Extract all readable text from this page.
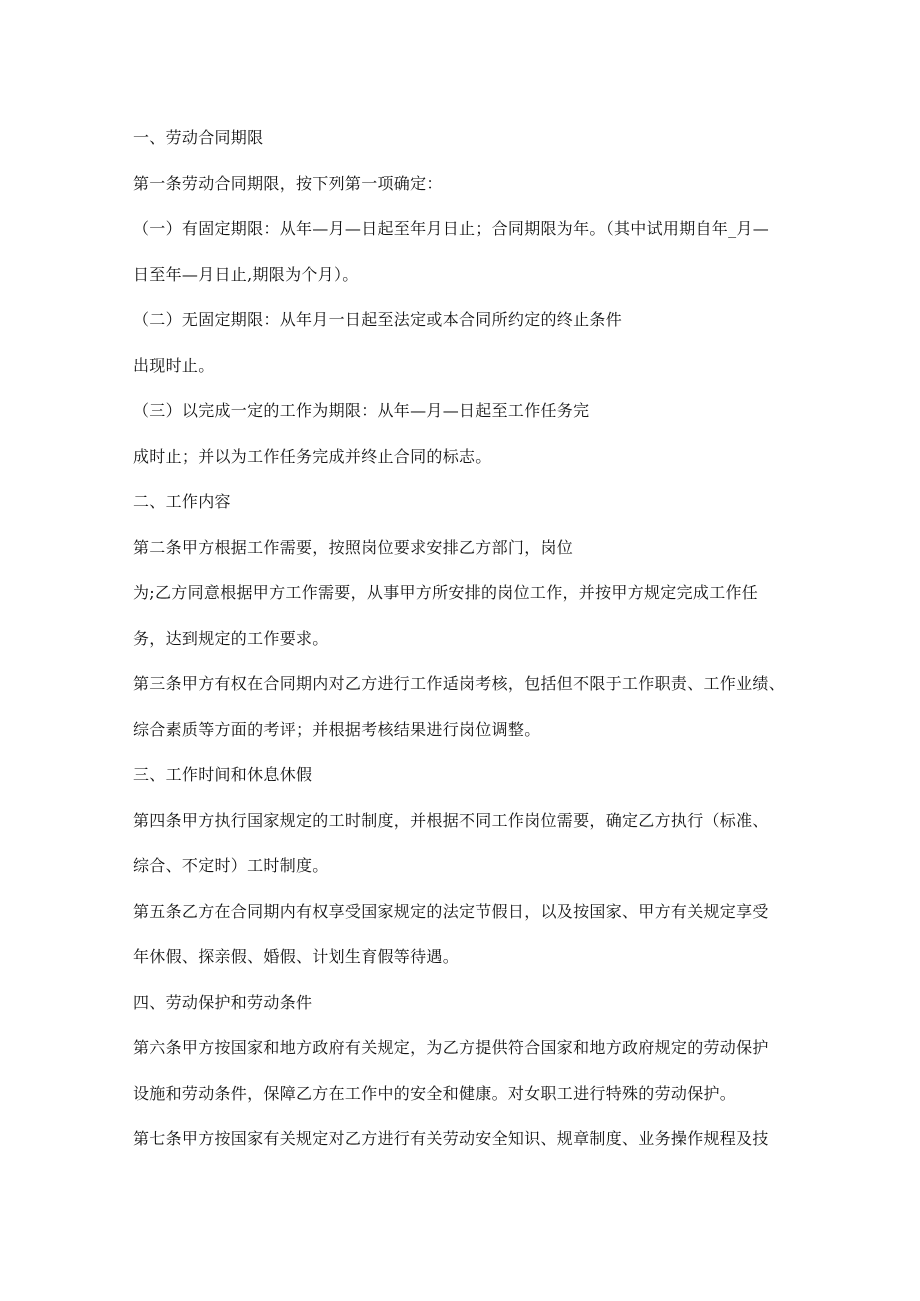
一、劳动合同期限
第一条劳动合同期限，按下列第一项确定：
（一）有固定期限：从年—月—日起至年月日止；合同期限为年。（其中试用期自年_月—
日至年—月日止,期限为个月）。
（二）无固定期限：从年月一日起至法定或本合同所约定的终止条件
出现时止。
（三）以完成一定的工作为期限：从年—月—日起至工作任务完
成时止；并以为工作任务完成并终止合同的标志。
二、工作内容
第二条甲方根据工作需要，按照岗位要求安排乙方部门，岗位
为;乙方同意根据甲方工作需要，从事甲方所安排的岗位工作，并按甲方规定完成工作任
务，达到规定的工作要求。
第三条甲方有权在合同期内对乙方进行工作适岗考核，包括但不限于工作职责、工作业绩、
综合素质等方面的考评；并根据考核结果进行岗位调整。
三、工作时间和休息休假
第四条甲方执行国家规定的工时制度，并根据不同工作岗位需要，确定乙方执行（标准、
综合、不定时）工时制度。
第五条乙方在合同期内有权享受国家规定的法定节假日，以及按国家、甲方有关规定享受
年休假、探亲假、婚假、计划生育假等待遇。
四、劳动保护和劳动条件
第六条甲方按国家和地方政府有关规定，为乙方提供符合国家和地方政府规定的劳动保护
设施和劳动条件，保障乙方在工作中的安全和健康。对女职工进行特殊的劳动保护。
第七条甲方按国家有关规定对乙方进行有关劳动安全知识、规章制度、业务操作规程及技
